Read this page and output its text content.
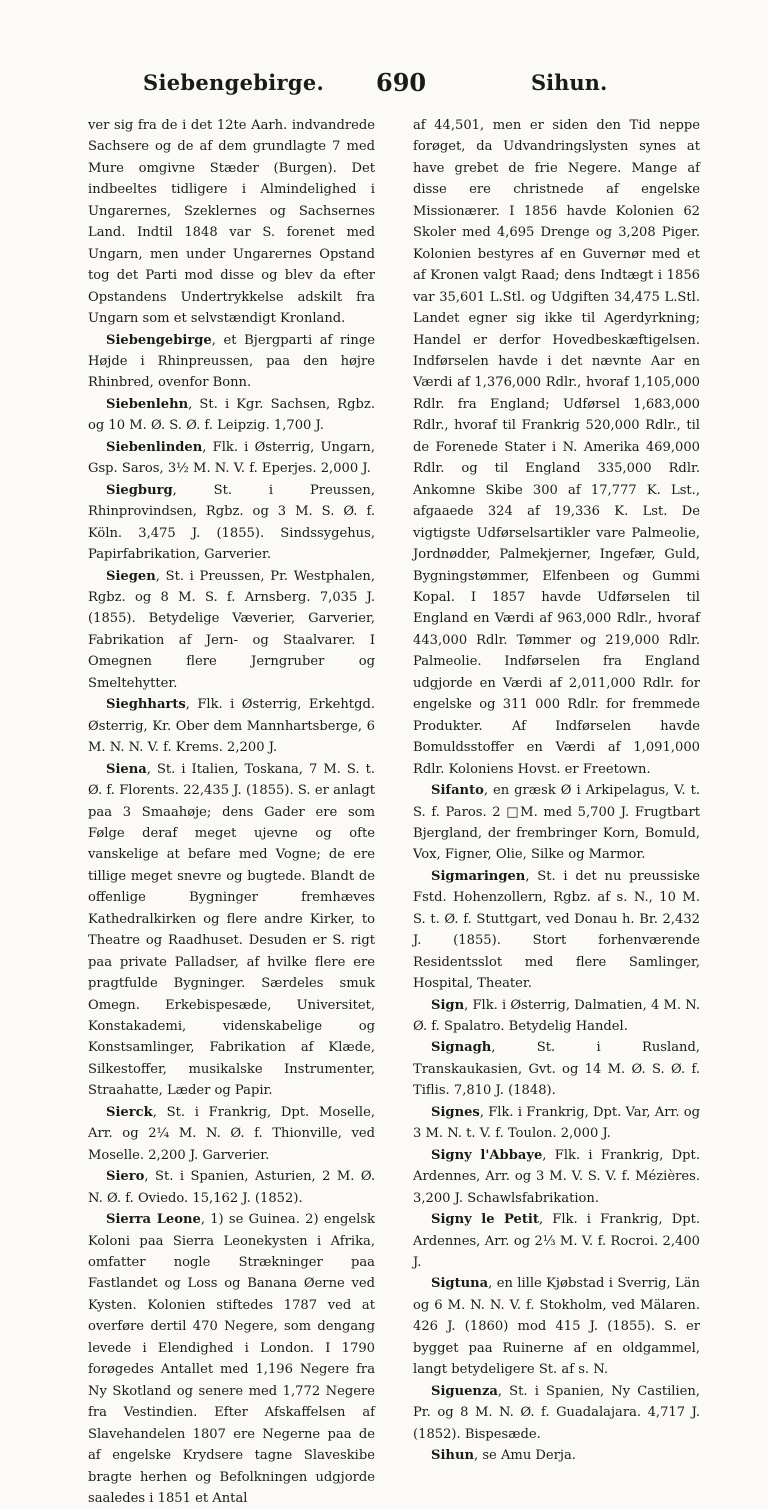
Siebengebirge. 690	Sihun.

ver sig fra de i det 12te Aarh. indvandrede Sachsere og de af dem grundlagte 7 med Mure omgivne Stæder (Burgen). Det indbeeltes tidligere i Almindelighed i Ungarernes, Szeklernes og Sachsernes Land. Indtil 1848 var S. forenet med Ungarn, men under Ungarernes Opstand tog det Parti mod disse og blev da efter Opstandens Undertrykkelse adskilt fra Ungarn som et selvstændigt Kronland.

Siebengebirge, et Bjergparti af ringe Højde i Rhinpreussen, paa den højre Rhinbred, ovenfor Bonn.

Siebenlehn, St. i Kgr. Sachsen, Rgbz. og 10 M. Ø. S. Ø. f. Leipzig. 1,700 J.

Siebenlinden, Flk. i Østerrig, Ungarn, Gsp. Saros, 3½ M. N. V. f. Eperjes. 2,000 J.

Siegburg, St. i Preussen, Rhinprovindsen, Rgbz. og 3 M. S. Ø. f. Köln. 3,475 J. (1855). Sindssygehus, Papirfabrikation, Garverier.

Siegen, St. i Preussen, Pr. Westphalen, Rgbz. og 8 M. S. f. Arnsberg. 7,035 J. (1855). Betydelige Væverier, Garverier, Fabrikation af Jern- og Staalvarer. I Omegnen flere Jerngruber og Smeltehytter.

Sieghharts, Flk. i Østerrig, Erkehtgd. Østerrig, Kr. Ober dem Mannhartsberge, 6 M. N. N. V. f. Krems. 2,200 J.

Siena, St. i Italien, Toskana, 7 M. S. t. Ø. f. Florents. 22,435 J. (1855). S. er anlagt paa 3 Smaahøje; dens Gader ere som Følge deraf meget ujevne og ofte vanskelige at befare med Vogne; de ere tillige meget snevre og bugtede. Blandt de offenlige Bygninger fremhæves Kathedralkirken og flere andre Kirker, to Theatre og Raadhuset. Desuden er S. rigt paa private Palladser, af hvilke flere ere pragtfulde Bygninger. Særdeles smuk Omegn. Erkebispesæde, Universitet, Konstakademi, videnskabelige og Konstsamlinger, Fabrikation af Klæde, Silkestoffer, musikalske Instrumenter, Straahatte, Læder og Papir.

Sierck, St. i Frankrig, Dpt. Moselle, Arr. og 2¼ M. N. Ø. f. Thionville, ved Moselle. 2,200 J. Garverier.

Siero, St. i Spanien, Asturien, 2 M. Ø. N. Ø. f. Oviedo. 15,162 J. (1852).

Sierra Leone, 1) se Guinea. 2) engelsk Koloni paa Sierra Leonekysten i Afrika, omfatter nogle Strækninger paa Fastlandet og Loss og Banana Øerne ved Kysten. Kolonien stiftedes 1787 ved at overføre dertil 470 Negere, som dengang levede i Elendighed i London. I 1790 forøgedes Antallet med 1,196 Negere fra Ny Skotland og senere med 1,772 Negere fra Vestindien. Efter Afskaffelsen af Slavehandelen 1807 ere Negerne paa de af engelske Krydsere tagne Slaveskibe bragte herhen og Befolkningen udgjorde saaledes i 1851 et Antal

af 44,501, men er siden den Tid neppe forøget, da Udvandringslysten synes at have grebet de frie Negere. Mange af disse ere christnede af engelske Missionærer. I 1856 havde Kolonien 62 Skoler med 4,695 Drenge og 3,208 Piger. Kolonien bestyres af en Guvernør med et af Kronen valgt Raad; dens Indtægt i 1856 var 35,601 L.Stl. og Udgiften 34,475 L.Stl. Landet egner sig ikke til Agerdyrkning; Handel er derfor Hovedbeskæftigelsen. Indførselen havde i det nævnte Aar en Værdi af 1,376,000 Rdlr., hvoraf 1,105,000 Rdlr. fra England; Udførsel 1,683,000 Rdlr., hvoraf til Frankrig 520,000 Rdlr., til de Forenede Stater i N. Amerika 469,000 Rdlr. og til England 335,000 Rdlr. Ankomne Skibe 300 af 17,777 K. Lst., afgaaede 324 af 19,336 K. Lst. De vigtigste Udførselsartikler vare Palmeolie, Jordnødder, Palmekjerner, Ingefær, Guld, Bygningstømmer, Elfenbeen og Gummi Kopal. I 1857 havde Udførselen til England en Værdi af 963,000 Rdlr., hvoraf 443,000 Rdlr. Tømmer og 219,000 Rdlr. Palmeolie. Indførselen fra England udgjorde en Værdi af 2,011,000 Rdlr. for engelske og 311 000 Rdlr. for fremmede Produkter. Af Indførselen havde Bomuldsstoffer en Værdi af 1,091,000 Rdlr. Koloniens Hovst. er Freetown.

Sifanto, en græsk Ø i Arkipelagus, V. t. S. f. Paros. 2 □M. med 5,700 J. Frugtbart Bjergland, der frembringer Korn, Bomuld, Vox, Figner, Olie, Silke og Marmor.

Sigmaringen, St. i det nu preussiske Fstd. Hohenzollern, Rgbz. af s. N., 10 M. S. t. Ø. f. Stuttgart, ved Donau h. Br. 2,432 J. (1855). Stort forhenværende Residentsslot med flere Samlinger, Hospital, Theater.

Sign, Flk. i Østerrig, Dalmatien, 4 M. N. Ø. f. Spalatro. Betydelig Handel.

Signagh, St. i Rusland, Transkaukasien, Gvt. og 14 M. Ø. S. Ø. f. Tiflis. 7,810 J. (1848).

Signes, Flk. i Frankrig, Dpt. Var, Arr. og 3 M. N. t. V. f. Toulon. 2,000 J.

Signy l'Abbaye, Flk. i Frankrig, Dpt. Ardennes, Arr. og 3 M. V. S. V. f. Mézières. 3,200 J. Schawlsfabrikation.

Signy le Petit, Flk. i Frankrig, Dpt. Ardennes, Arr. og 2⅓ M. V. f. Rocroi. 2,400 J.

Sigtuna, en lille Kjøbstad i Sverrig, Län og 6 M. N. N. V. f. Stokholm, ved Mälaren. 426 J. (1860) mod 415 J. (1855). S. er bygget paa Ruinerne af en oldgammel, langt betydeligere St. af s. N.

Siguenza, St. i Spanien, Ny Castilien, Pr. og 8 M. N. Ø. f. Guadalajara. 4,717 J. (1852). Bispesæde.

Sihun, se Amu Derja.
